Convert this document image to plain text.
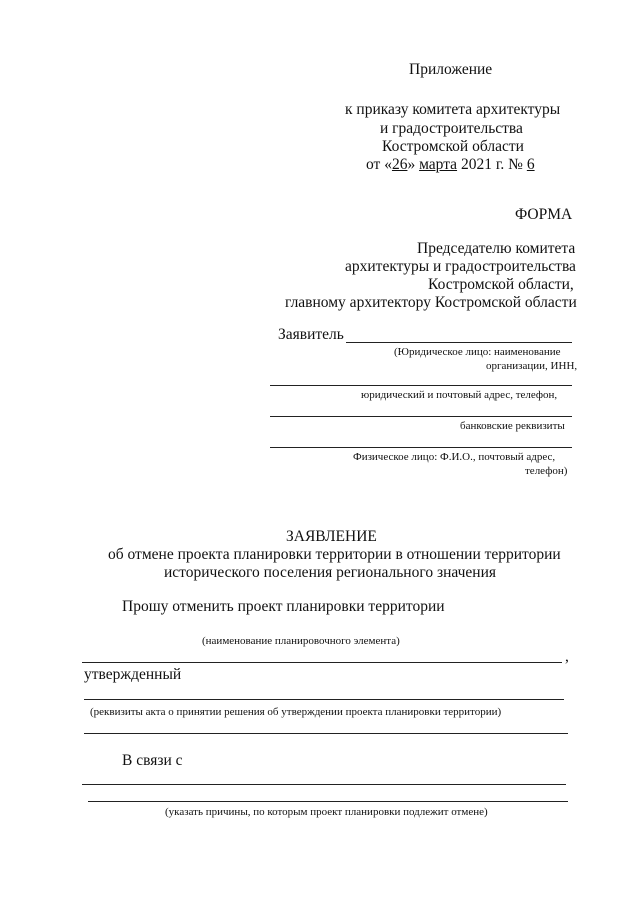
Приложение
к приказу комитета архитектуры
и градостроительства
Костромской области
от «26» марта 2021 г. № 6
ФОРМА
Председателю комитета
архитектуры и градостроительства
Костромской области,
главному архитектору Костромской области
Заявитель
(Юридическое лицо: наименование
организации, ИНН,
юридический и почтовый адрес, телефон,
банковские реквизиты
Физическое лицо: Ф.И.О., почтовый адрес,
телефон)
ЗАЯВЛЕНИЕ
об отмене проекта планировки территории в отношении территории
исторического поселения регионального значения
Прошу отменить проект планировки территории
(наименование планировочного элемента)
,
утвержденный
(реквизиты акта о принятии решения об утверждении проекта планировки территории)
В связи с
(указать причины, по которым проект планировки подлежит отмене)
